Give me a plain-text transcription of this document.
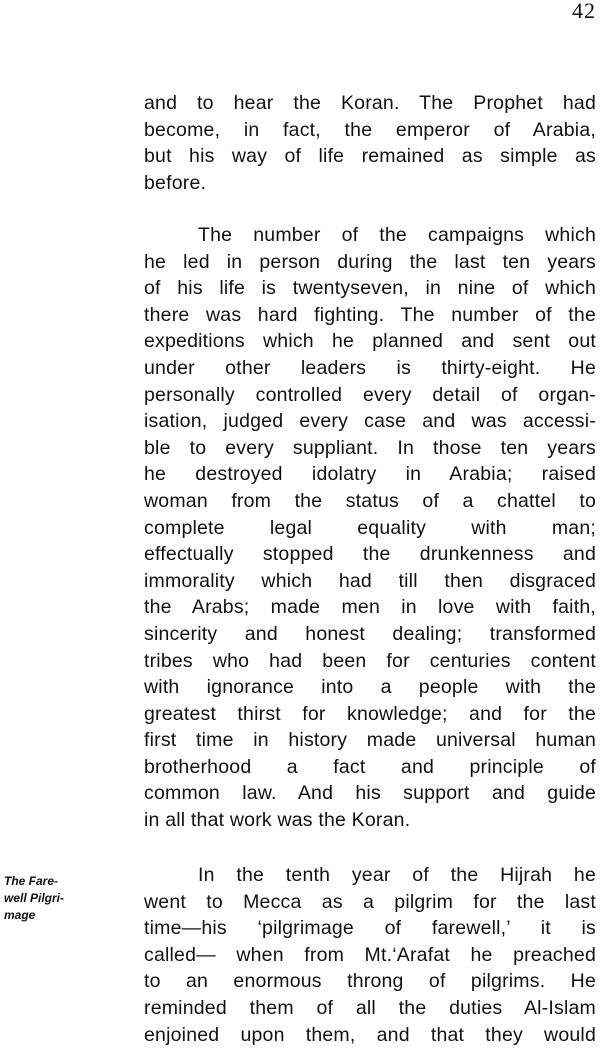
42
and to hear the Koran. The Prophet had
become, in fact, the emperor of Arabia,
but his way of life remained as simple as
before.
The number of the campaigns which
he led in person during the last ten years
of his life is twentyseven, in nine of which
there was hard fighting. The number of the
expeditions which he planned and sent out
under other leaders is thirty-eight. He
personally controlled every detail of organ-
isation, judged every case and was accessi-
ble to every suppliant. In those ten years
he destroyed idolatry in Arabia; raised
woman from the status of a chattel to
complete legal equality with man;
effectually stopped the drunkenness and
immorality which had till then disgraced
the Arabs; made men in love with faith,
sincerity and honest dealing; transformed
tribes who had been for centuries content
with ignorance into a people with the
greatest thirst for knowledge; and for the
first time in history made universal human
brotherhood a fact and principle of
common law. And his support and guide
in all that work was the Koran.
In the tenth year of the Hijrah he
went to Mecca as a pilgrim for the last
time—his ‘pilgrimage of farewell,’ it is
called— when from Mt.‘Arafat he preached
to an enormous throng of pilgrims. He
reminded them of all the duties Al-Islam
enjoined upon them, and that they would
The Fare-
well Pilgri-
mage
